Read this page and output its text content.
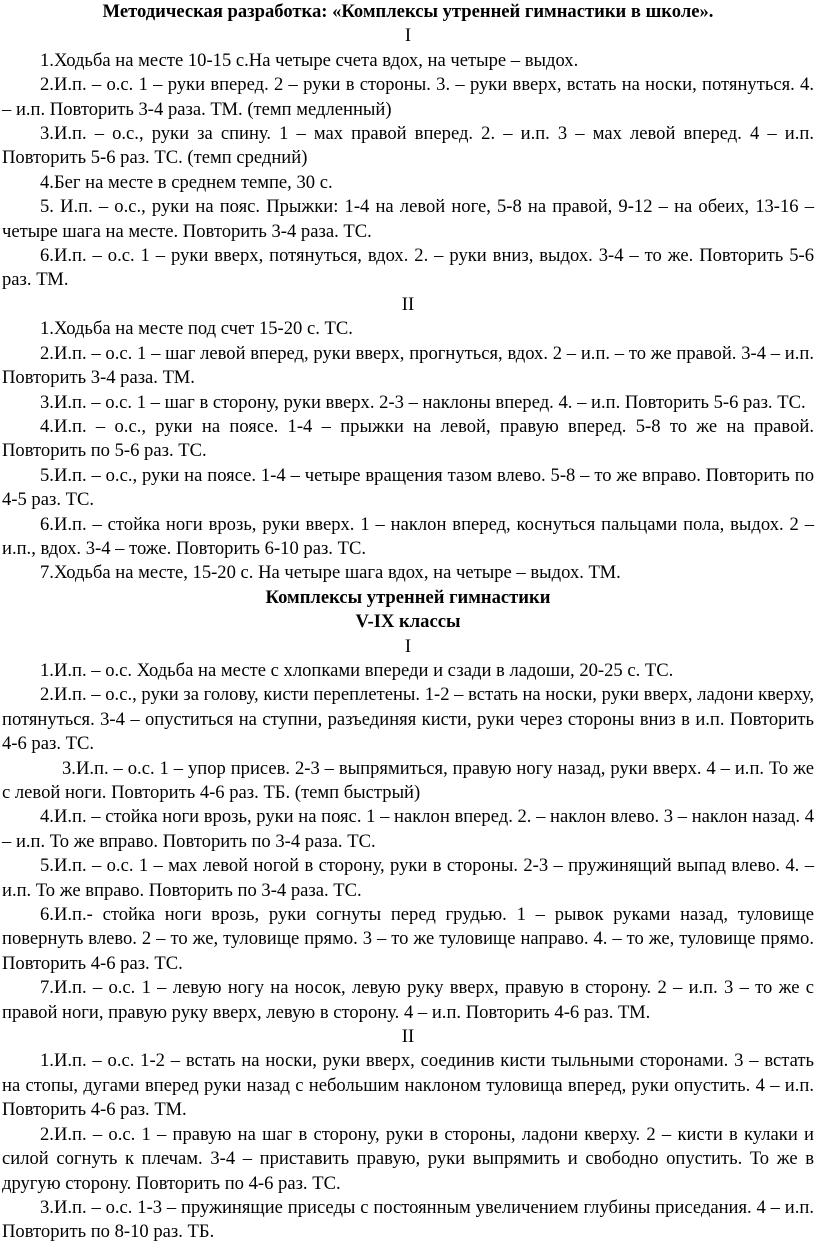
Методическая разработка: «Комплексы утренней гимнастики в школе».

I

1.Ходьба на месте 10-15 с.На четыре счета вдох, на четыре – выдох.

2.И.п. – о.с. 1 – руки вперед. 2 – руки в стороны. 3. – руки вверх, встать на носки, потянуться. 4. – и.п. Повторить 3-4 раза. ТМ. (темп медленный)

3.И.п. – о.с., руки за спину. 1 – мах правой вперед. 2. – и.п. 3 – мах левой вперед. 4 – и.п. Повторить 5-6 раз. ТС. (темп средний)

4.Бег на месте в среднем темпе, 30 с.

5. И.п. – о.с., руки на пояс. Прыжки: 1-4 на левой ноге, 5-8 на правой, 9-12 – на обеих, 13-16 – четыре шага на месте. Повторить 3-4 раза. ТС.

6.И.п. – о.с. 1 – руки вверх, потянуться, вдох. 2. – руки вниз, выдох. 3-4 – то же. Повторить 5-6 раз. ТМ.

II

1.Ходьба на месте под счет 15-20 с. ТС.

2.И.п. – о.с. 1 – шаг левой вперед, руки вверх, прогнуться, вдох. 2 – и.п. – то же правой. 3-4 – и.п. Повторить 3-4 раза. ТМ.

3.И.п. – о.с. 1 – шаг в сторону, руки вверх. 2-3 – наклоны вперед. 4. – и.п. Повторить 5-6 раз. ТС.

4.И.п. – о.с., руки на поясе. 1-4 – прыжки на левой, правую вперед. 5-8 то же на правой. Повторить по 5-6 раз. ТС.

5.И.п. – о.с., руки на поясе. 1-4 – четыре вращения тазом влево. 5-8 – то же вправо. Повторить по 4-5 раз. ТС.

6.И.п. – стойка ноги врозь, руки вверх. 1 – наклон вперед, коснуться пальцами пола, выдох. 2 – и.п., вдох. 3-4 – тоже. Повторить 6-10 раз. ТС.

7.Ходьба на месте, 15-20 с. На четыре шага вдох, на четыре – выдох. ТМ.

Комплексы утренней гимнастики

V-IX классы

I

1.И.п. – о.с. Ходьба на месте с хлопками впереди и сзади в ладоши, 20-25 с. ТС.

2.И.п. – о.с., руки за голову, кисти переплетены. 1-2 – встать на носки, руки вверх, ладони кверху, потянуться. 3-4 – опуститься на ступни, разъединяя кисти, руки через стороны вниз в и.п. Повторить 4-6 раз. ТС.

3.И.п. – о.с. 1 – упор присев. 2-3 – выпрямиться, правую ногу назад, руки вверх. 4 – и.п. То же с левой ноги. Повторить 4-6 раз. ТБ. (темп быстрый)

4.И.п. – стойка ноги врозь, руки на пояс. 1 – наклон вперед. 2. – наклон влево. 3 – наклон назад. 4 – и.п. То же вправо. Повторить по 3-4 раза. ТС.

5.И.п. – о.с. 1 – мах левой ногой в сторону, руки в стороны. 2-3 – пружинящий выпад влево. 4. – и.п. То же вправо. Повторить по 3-4 раза. ТС.

6.И.п.- стойка ноги врозь, руки согнуты перед грудью. 1 – рывок руками назад, туловище повернуть влево. 2 – то же, туловище прямо. 3 – то же туловище направо. 4. – то же, туловище прямо. Повторить 4-6 раз. ТС.

7.И.п. – о.с. 1 – левую ногу на носок, левую руку вверх, правую в сторону. 2 – и.п. 3 – то же с правой ноги, правую руку вверх, левую в сторону. 4 – и.п. Повторить 4-6 раз. ТМ.

II

1.И.п. – о.с. 1-2 – встать на носки, руки вверх, соединив кисти тыльными сторонами. 3 – встать на стопы, дугами вперед руки назад с небольшим наклоном туловища вперед, руки опустить. 4 – и.п. Повторить 4-6 раз. ТМ.

2.И.п. – о.с. 1 – правую на шаг в сторону, руки в стороны, ладони кверху. 2 – кисти в кулаки и силой согнуть к плечам. 3-4 – приставить правую, руки выпрямить и свободно опустить. То же в другую сторону. Повторить по 4-6 раз. ТС.

3.И.п. – о.с. 1-3 – пружинящие приседы с постоянным увеличением глубины приседания. 4 – и.п. Повторить по 8-10 раз. ТБ.
